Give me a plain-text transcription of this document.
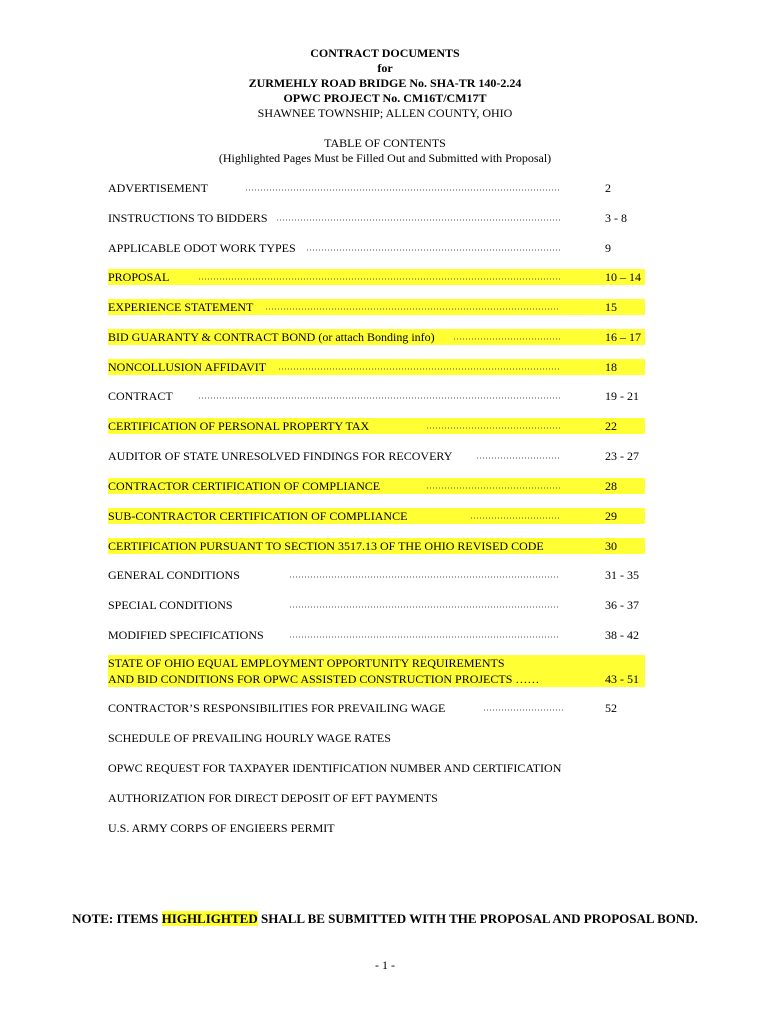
CONTRACT DOCUMENTS
for
ZURMEHLY ROAD BRIDGE No. SHA-TR 140-2.24
OPWC PROJECT No. CM16T/CM17T
SHAWNEE TOWNSHIP; ALLEN COUNTY, OHIO
TABLE OF CONTENTS
(Highlighted Pages Must be Filled Out and Submitted with Proposal)
ADVERTISEMENT	2
INSTRUCTIONS TO BIDDERS	3 - 8
APPLICABLE ODOT WORK TYPES	9
PROPOSAL	10 – 14
EXPERIENCE STATEMENT	15
BID GUARANTY & CONTRACT BOND (or attach Bonding info)	16 – 17
NONCOLLUSION AFFIDAVIT	18
CONTRACT	19 - 21
CERTIFICATION OF PERSONAL PROPERTY TAX	22
AUDITOR OF STATE UNRESOLVED FINDINGS FOR RECOVERY	23 - 27
CONTRACTOR CERTIFICATION OF COMPLIANCE	28
SUB-CONTRACTOR CERTIFICATION OF COMPLIANCE	29
CERTIFICATION PURSUANT TO SECTION 3517.13 OF THE OHIO REVISED CODE	30
GENERAL CONDITIONS	31 - 35
SPECIAL CONDITIONS	36 - 37
MODIFIED SPECIFICATIONS	38 - 42
STATE OF OHIO EQUAL EMPLOYMENT OPPORTUNITY REQUIREMENTS
AND BID CONDITIONS FOR OPWC ASSISTED CONSTRUCTION PROJECTS ……	43 - 51
CONTRACTOR’S RESPONSIBILITIES FOR PREVAILING WAGE	52
SCHEDULE OF PREVAILING HOURLY WAGE RATES
OPWC REQUEST FOR TAXPAYER IDENTIFICATION NUMBER AND CERTIFICATION
AUTHORIZATION FOR DIRECT DEPOSIT OF EFT PAYMENTS
U.S. ARMY CORPS OF ENGIEERS PERMIT
NOTE: ITEMS HIGHLIGHTED SHALL BE SUBMITTED WITH THE PROPOSAL AND PROPOSAL BOND.
- 1 -
